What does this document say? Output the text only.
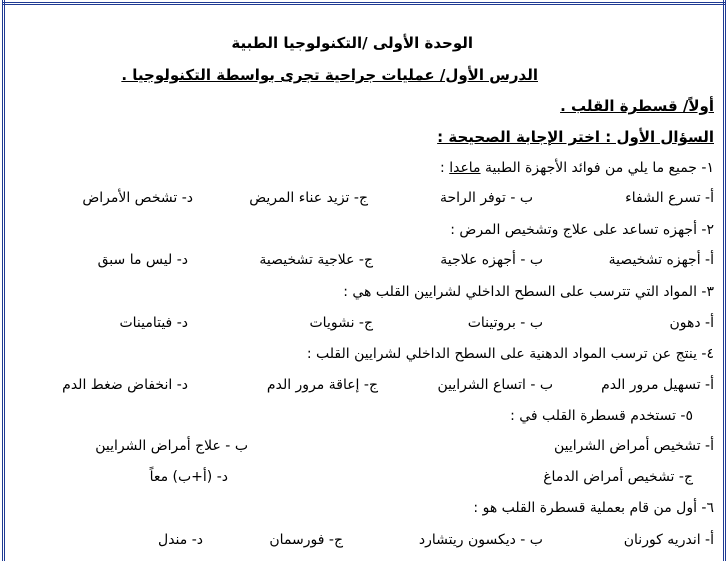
الوحدة الأولى /التكنولوجيا الطبية
الدرس الأول/ عمليات جراحية تجرى بواسطة التكنولوجيا .
أولاً/ قسطرة القلب .
السؤال الأول : اختر الإجابة الصحيحة :
١- جميع ما يلي من فوائد الأجهزة الطبية ماعدا :
أ- تسرع الشفاء
ب - توفر الراحة
ج- تزيد عناء المريض
د- تشخص الأمراض
٢- أجهزه تساعد على علاج وتشخيص المرض :
أ- أجهزه تشخيصية
ب - أجهزه علاجية
ج- علاجية تشخيصية
د- ليس ما سبق
٣- المواد التي تترسب على السطح الداخلي لشرايين القلب هي :
أ- دهون
ب - بروتينات
ج- نشويات
د- فيتامينات
٤- ينتج عن ترسب المواد الدهنية على السطح الداخلي لشرايين القلب :
أ- تسهيل مرور الدم
ب - اتساع الشرايين
ج- إعاقة مرور الدم
د- انخفاض ضغط الدم
٥- تستخدم قسطرة القلب في :
أ- تشخيص أمراض الشرايين
ب - علاج أمراض الشرايين
ج- تشخيص أمراض الدماغ
د- (أ+ب) معاً
٦- أول من قام بعملية قسطرة القلب هو :
أ- اندريه كورنان
ب - ديكسون ريتشارد
ج- فورسمان
د- مندل
